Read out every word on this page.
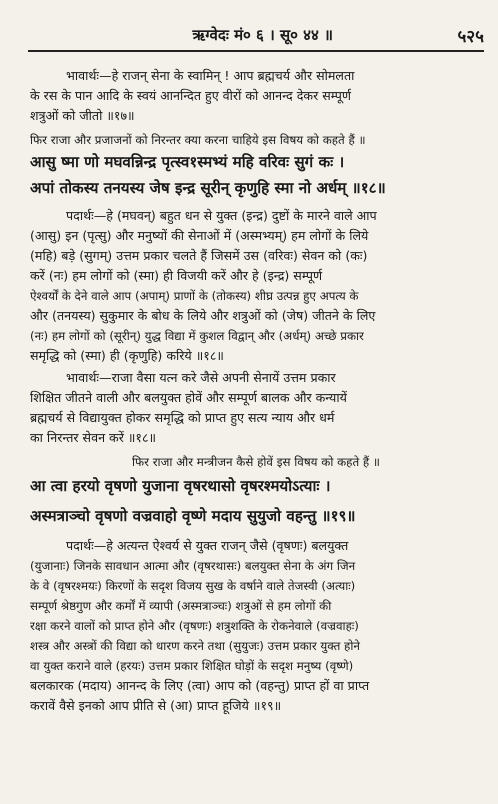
ऋग्वेदः मं० ६ । सू० ४४ ॥	५२५
भावार्थः—हे राजन् सेना के स्वामिन् ! आप ब्रह्मचर्य और सोमलता
के रस के पान आदि के स्वयं आनन्दित हुए वीरों को आनन्द देकर सम्पूर्ण
शत्रुओं को जीतो ॥१७॥
फिर राजा और प्रजाजनों को निरन्तर क्या करना चाहिये इस विषय को कहते हैं ॥
आसु ष्मा णो मघवन्निन्द्र पृत्स्व१स्मभ्यं महि वरिवः सुगं कः ।
अपां तोकस्य तनयस्य जेष इन्द्र सूरीन् कृणुहि स्मा नो अर्धम् ॥१८॥
पदार्थः—हे (मघवन्) बहुत धन से युक्त (इन्द्र) दुष्टों के मारने वाले आप
(आसु) इन (पृत्सु) और मनुष्यों की सेनाओं में (अस्मभ्यम्) हम लोगों के लिये
(महि) बड़े (सुगम्) उत्तम प्रकार चलते हैं जिसमें उस (वरिवः) सेवन को (कः)
करें (नः) हम लोगों को (स्मा) ही विजयी करें और हे (इन्द्र) सम्पूर्ण
ऐश्वर्यों के देने वाले आप (अपाम्) प्राणों के (तोकस्य) शीघ्र उत्पन्न हुए अपत्य के
और (तनयस्य) सुकुमार के बोध के लिये और शत्रुओं को (जेष) जीतने के लिए
(नः) हम लोगों को (सूरीन्) युद्ध विद्या में कुशल विद्वान् और (अर्धम्) अच्छे प्रकार
समृद्धि को (स्मा) ही (कृणुहि) करिये ॥१८॥
भावार्थः—राजा वैसा यत्न करे जैसे अपनी सेनायें उत्तम प्रकार
शिक्षित जीतने वाली और बलयुक्त होवें और सम्पूर्ण बालक और कन्यायें
ब्रह्मचर्य से विद्यायुक्त होकर समृद्धि को प्राप्त हुए सत्य न्याय और धर्म
का निरन्तर सेवन करें ॥१८॥
फिर राजा और मन्त्रीजन कैसे होवें इस विषय को कहते हैं ॥
आ त्वा हरयो वृषणो युजाना वृषरथासो वृषरश्मयोऽत्याः ।
अस्मत्राञ्चो वृषणो वज्रवाहो वृष्णे मदाय सुयुजो वहन्तु ॥१९॥
पदार्थः—हे अत्यन्त ऐश्वर्य से युक्त राजन् जैसे (वृषणः) बलयुक्त
(युजानाः) जिनके सावधान आत्मा और (वृषरथासः) बलयुक्त सेना के अंग जिन
के वे (वृषरश्मयः) किरणों के सदृश विजय सुख के वर्षाने वाले तेजस्वी (अत्याः)
सम्पूर्ण श्रेष्ठगुण और कर्मों में व्यापी (अस्मत्राञ्चः) शत्रुओं से हम लोगों की
रक्षा करने वालों को प्राप्त होने और (वृषणः) शत्रुशक्ति के रोकनेवाले (वज्रवाहः)
शस्त्र और अस्त्रों की विद्या को धारण करने तथा (सुयुजः) उत्तम प्रकार युक्त होने
वा युक्त कराने वाले (हरयः) उत्तम प्रकार शिक्षित घोड़ों के सदृश मनुष्य (वृष्णे)
बलकारक (मदाय) आनन्द के लिए (त्वा) आप को (वहन्तु) प्राप्त हों वा प्राप्त
करावें वैसे इनको आप प्रीति से (आ) प्राप्त हूजिये ॥१९॥
